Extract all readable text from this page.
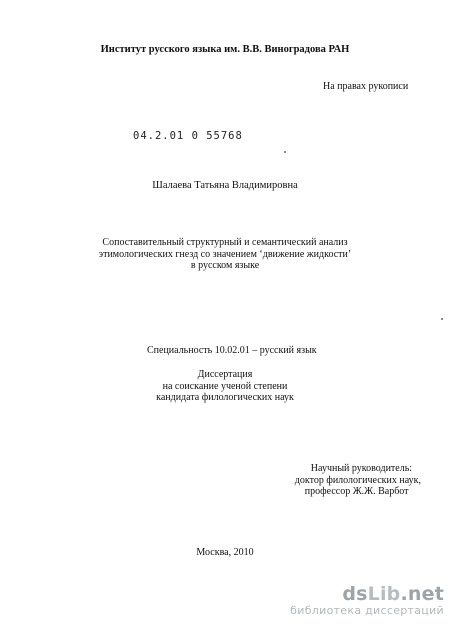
Институт русского языка им. В.В. Виноградова РАН
На правах рукописи
04.2.01 0 55768
Шалаева Татьяна Владимировна
Сопоставительный структурный и семантический анализ
этимологических гнезд со значением ‘движение жидкости’
в русском языке
Специальность 10.02.01 – русский язык
Диссертация
на соискание ученой степени
кандидата филологических наук
Научный руководитель:
доктор филологических наук,
профессор Ж.Ж. Варбот
Москва, 2010
dsLib.net
библиотека диссертаций
